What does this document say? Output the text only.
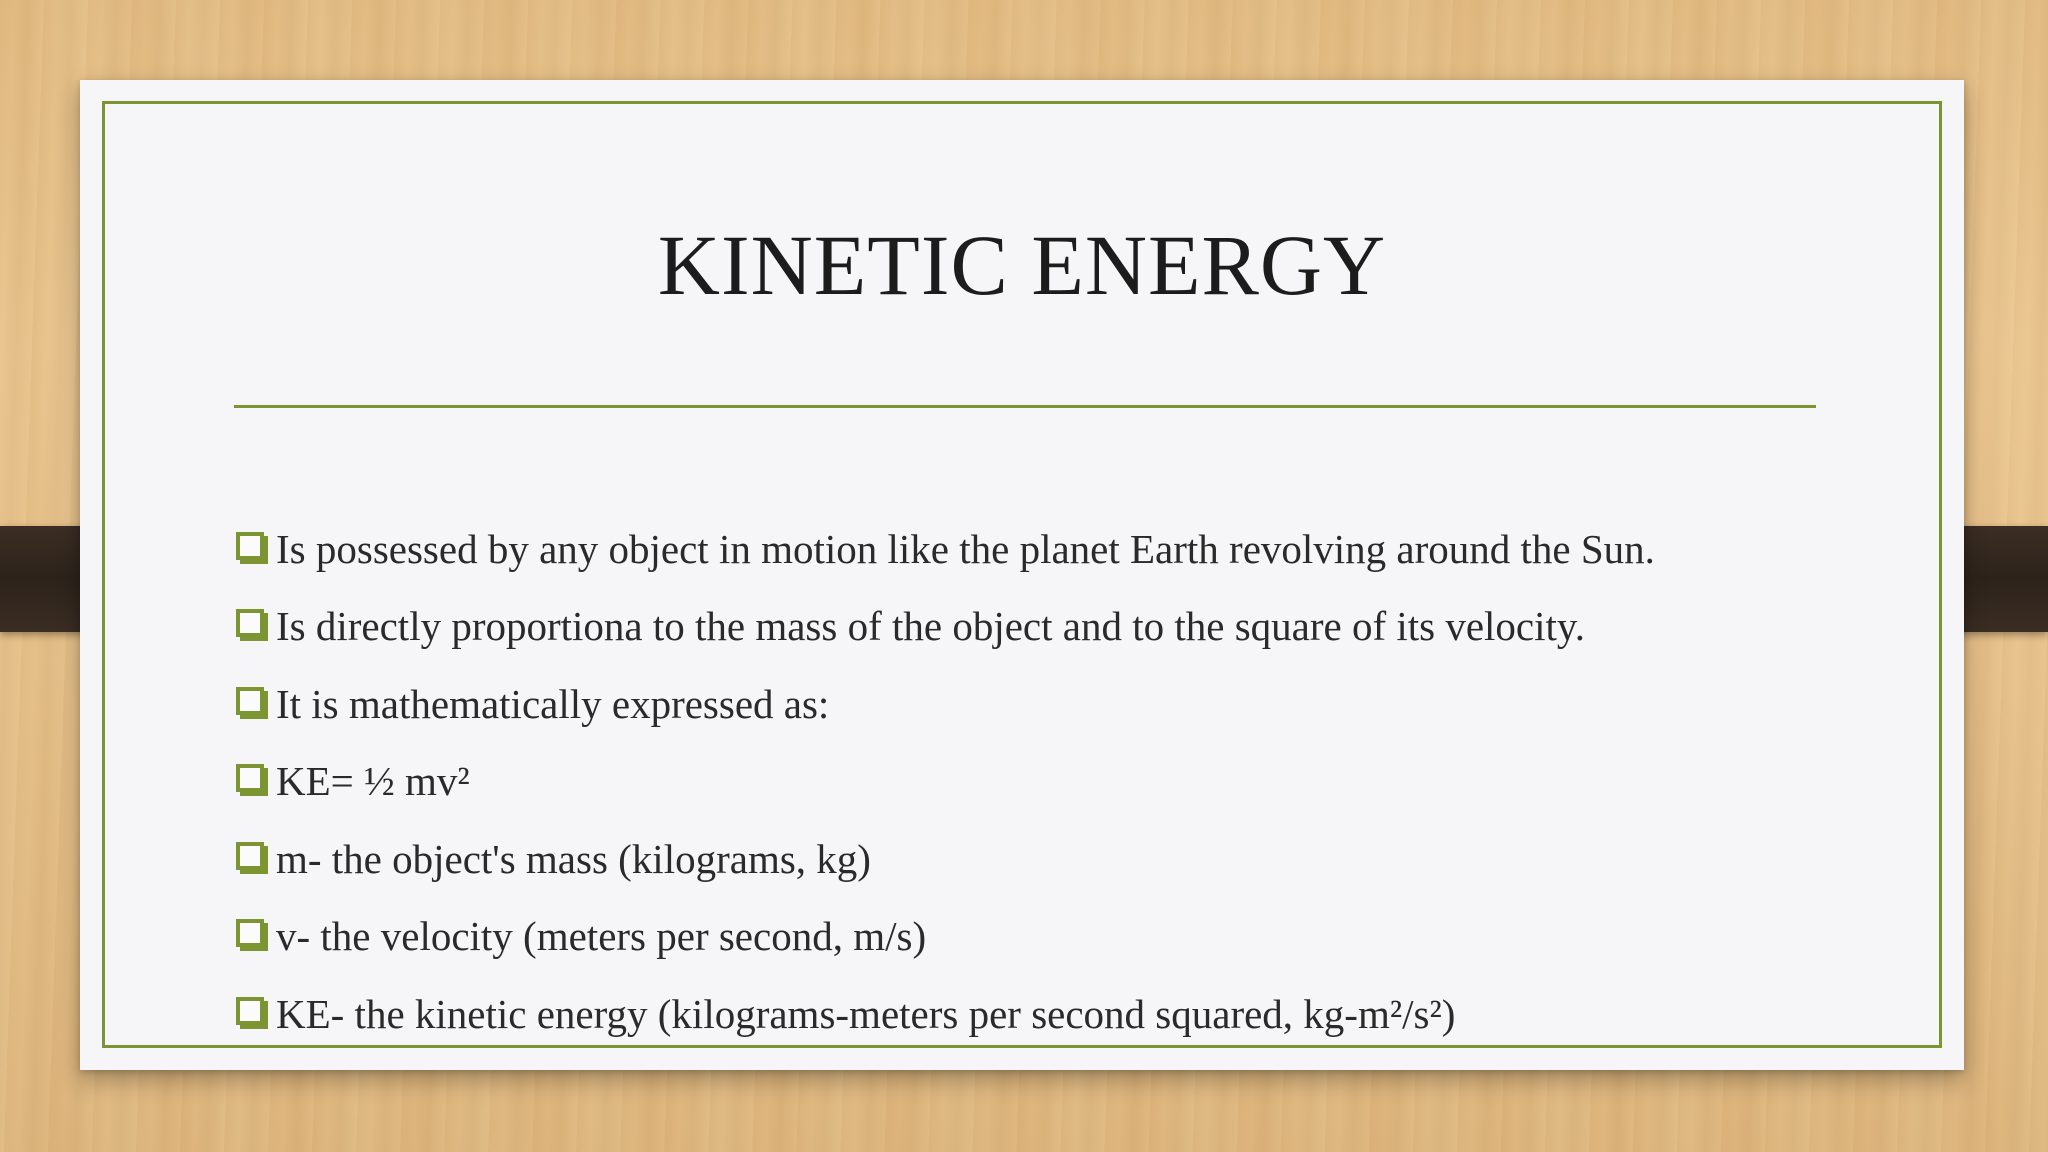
KINETIC ENERGY
Is possessed by any object in motion like the planet Earth revolving around the Sun.
Is directly proportiona to the mass of the object and to the square of its velocity.
It is mathematically expressed as:
KE= ½ mv²
m- the object's mass (kilograms, kg)
v- the velocity (meters per second, m/s)
KE- the kinetic energy (kilograms-meters per second squared, kg-m²/s²)
